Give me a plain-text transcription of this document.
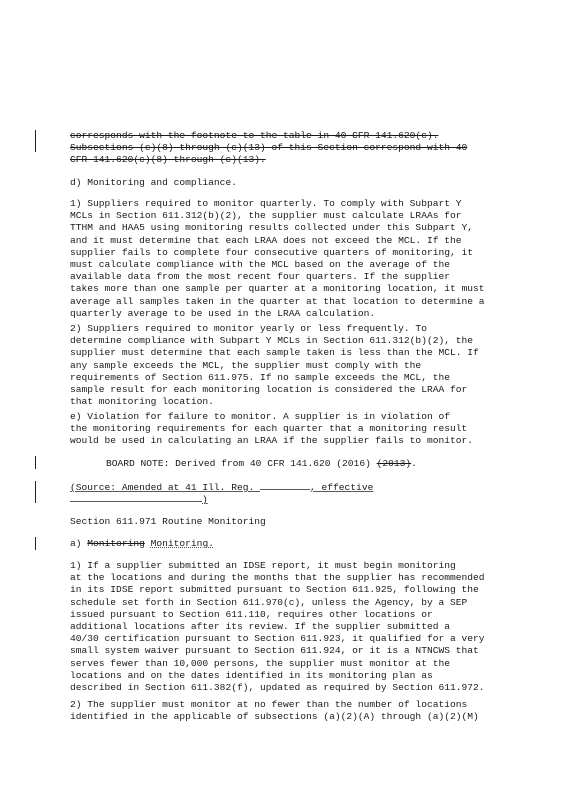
corresponds with the footnote to the table in 40 CFR 141.620(c).
Subsections (c)(8) through (c)(13) of this Section correspond with 40
CFR 141.620(c)(8) through (c)(13).
d) Monitoring and compliance.
1) Suppliers required to monitor quarterly. To comply with Subpart Y
MCLs in Section 611.312(b)(2), the supplier must calculate LRAAs for
TTHM and HAA5 using monitoring results collected under this Subpart Y,
and it must determine that each LRAA does not exceed the MCL. If the
supplier fails to complete four consecutive quarters of monitoring, it
must calculate compliance with the MCL based on the average of the
available data from the most recent four quarters. If the supplier
takes more than one sample per quarter at a monitoring location, it must
average all samples taken in the quarter at that location to determine a
quarterly average to be used in the LRAA calculation.
2) Suppliers required to monitor yearly or less frequently. To
determine compliance with Subpart Y MCLs in Section 611.312(b)(2), the
supplier must determine that each sample taken is less than the MCL. If
any sample exceeds the MCL, the supplier must comply with the
requirements of Section 611.975. If no sample exceeds the MCL, the
sample result for each monitoring location is considered the LRAA for
that monitoring location.
e) Violation for failure to monitor. A supplier is in violation of
the monitoring requirements for each quarter that a monitoring result
would be used in calculating an LRAA if the supplier fails to monitor.
BOARD NOTE: Derived from 40 CFR 141.620 (2016) (2013).
(Source: Amended at 41 Ill. Reg.	, effective
)
Section 611.971 Routine Monitoring
a) Monitoring Monitoring.
1) If a supplier submitted an IDSE report, it must begin monitoring
at the locations and during the months that the supplier has recommended
in its IDSE report submitted pursuant to Section 611.925, following the
schedule set forth in Section 611.970(c), unless the Agency, by a SEP
issued pursuant to Section 611.110, requires other locations or
additional locations after its review. If the supplier submitted a
40/30 certification pursuant to Section 611.923, it qualified for a very
small system waiver pursuant to Section 611.924, or it is a NTNCWS that
serves fewer than 10,000 persons, the supplier must monitor at the
locations and on the dates identified in its monitoring plan as
described in Section 611.382(f), updated as required by Section 611.972.
2) The supplier must monitor at no fewer than the number of locations
identified in the applicable of subsections (a)(2)(A) through (a)(2)(M)
